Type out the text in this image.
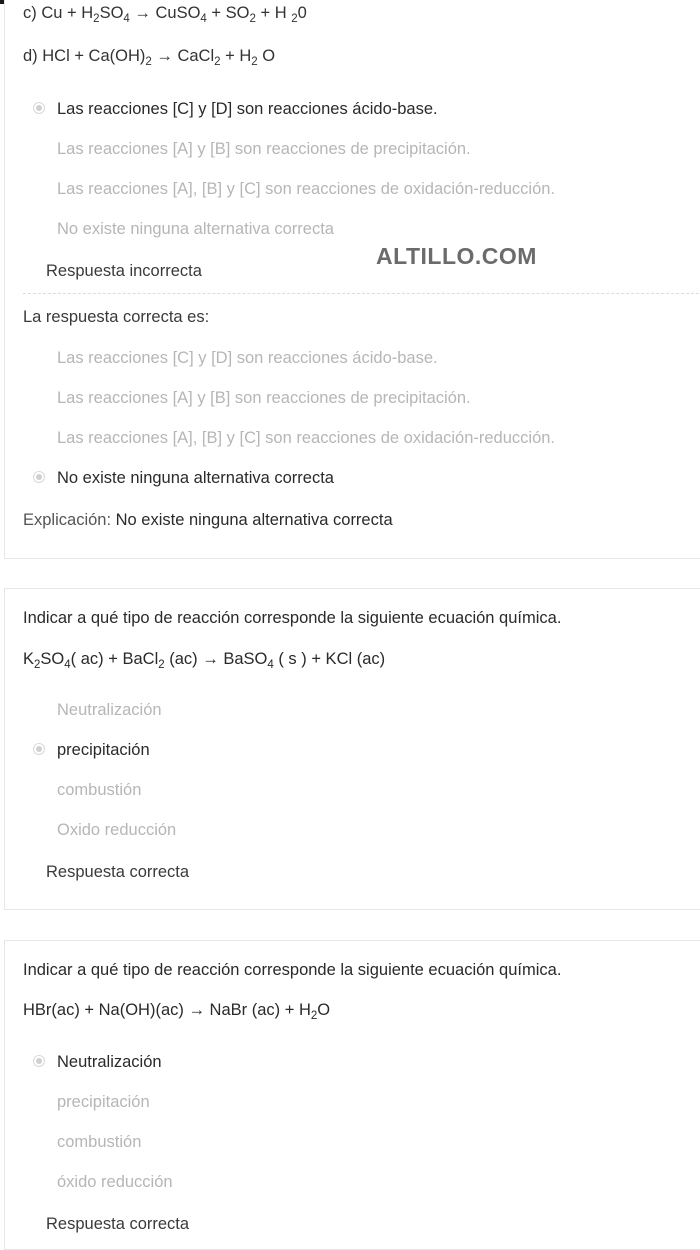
c) $Cu + H_2SO_4$ → CuSO$_4$ + $SO_2 + H$ $_2$0
d) HCl + $Ca(OH)_2$ → CaCl$_2$ + $H_2$ O
Las reacciones [C] y [D] son reacciones ácido-base.
Las reacciones [A] y [B] son reacciones de precipitación.
Las reacciones [A], [B] y [C] son reacciones de oxidación-reducción.
No existe ninguna alternativa correcta
Respuesta incorrecta
La respuesta correcta es:
Las reacciones [C] y [D] son reacciones ácido-base.
Las reacciones [A] y [B] son reacciones de precipitación.
Las reacciones [A], [B] y [C] son reacciones de oxidación-reducción.
No existe ninguna alternativa correcta
Explicación: No existe ninguna alternativa correcta
ALTILLO.COM
Indicar a qué tipo de reacción corresponde la siguiente ecuación química.
$K_2SO_4$( ac) + BaCl$_2$ (ac) → BaSO$_4$ ( s ) + KCl (ac)
Neutralización
precipitación
combustión
Oxido reducción
Respuesta correcta
Indicar a qué tipo de reacción corresponde la siguiente ecuación química.
HBr(ac) + Na(OH)(ac) → NaBr $(ac) + H_2O$
Neutralización
precipitación
combustión
óxido reducción
Respuesta correcta
